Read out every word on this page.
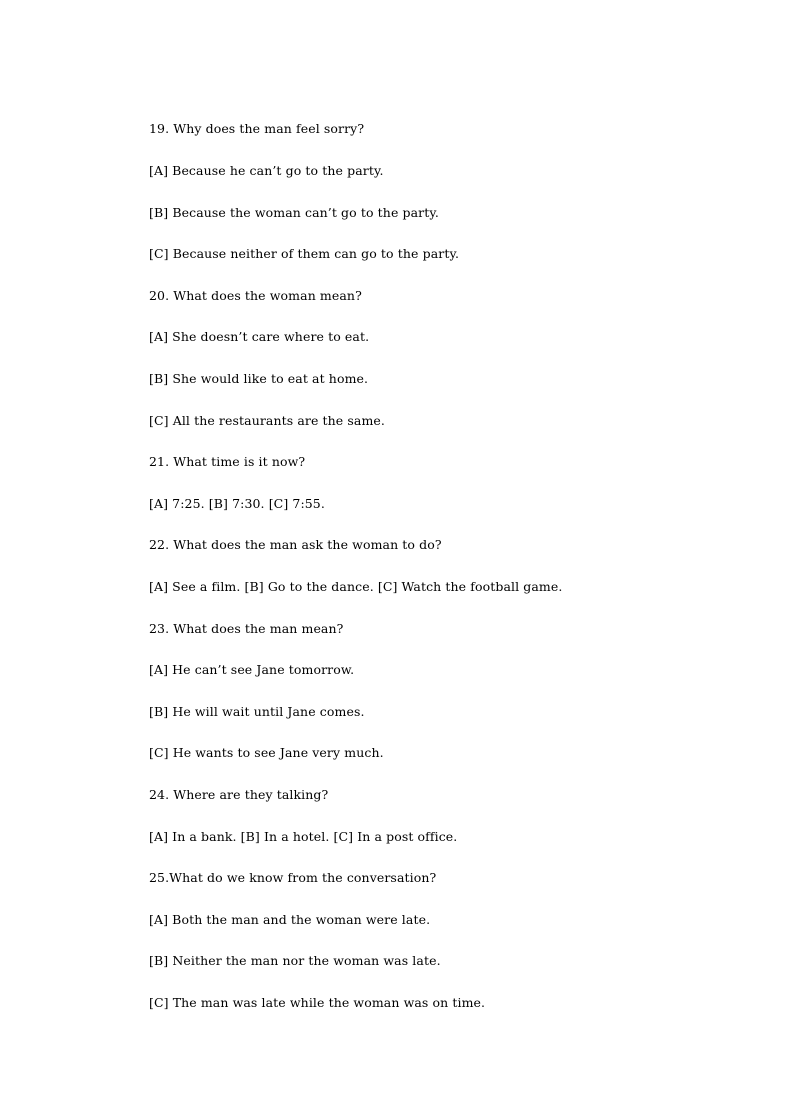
19. Why does the man feel sorry?
[A] Because he can’t go to the party.
[B] Because the woman can’t go to the party.
[C] Because neither of them can go to the party.
20. What does the woman mean?
[A] She doesn’t care where to eat.
[B] She would like to eat at home.
[C] All the restaurants are the same.
21. What time is it now?
[A] 7:25. [B] 7:30. [C] 7:55.
22. What does the man ask the woman to do?
[A] See a film. [B] Go to the dance. [C] Watch the football game.
23. What does the man mean?
[A] He can’t see Jane tomorrow.
[B] He will wait until Jane comes.
[C] He wants to see Jane very much.
24. Where are they talking?
[A] In a bank. [B] In a hotel. [C] In a post office.
25.What do we know from the conversation?
[A] Both the man and the woman were late.
[B] Neither the man nor the woman was late.
[C] The man was late while the woman was on time.
